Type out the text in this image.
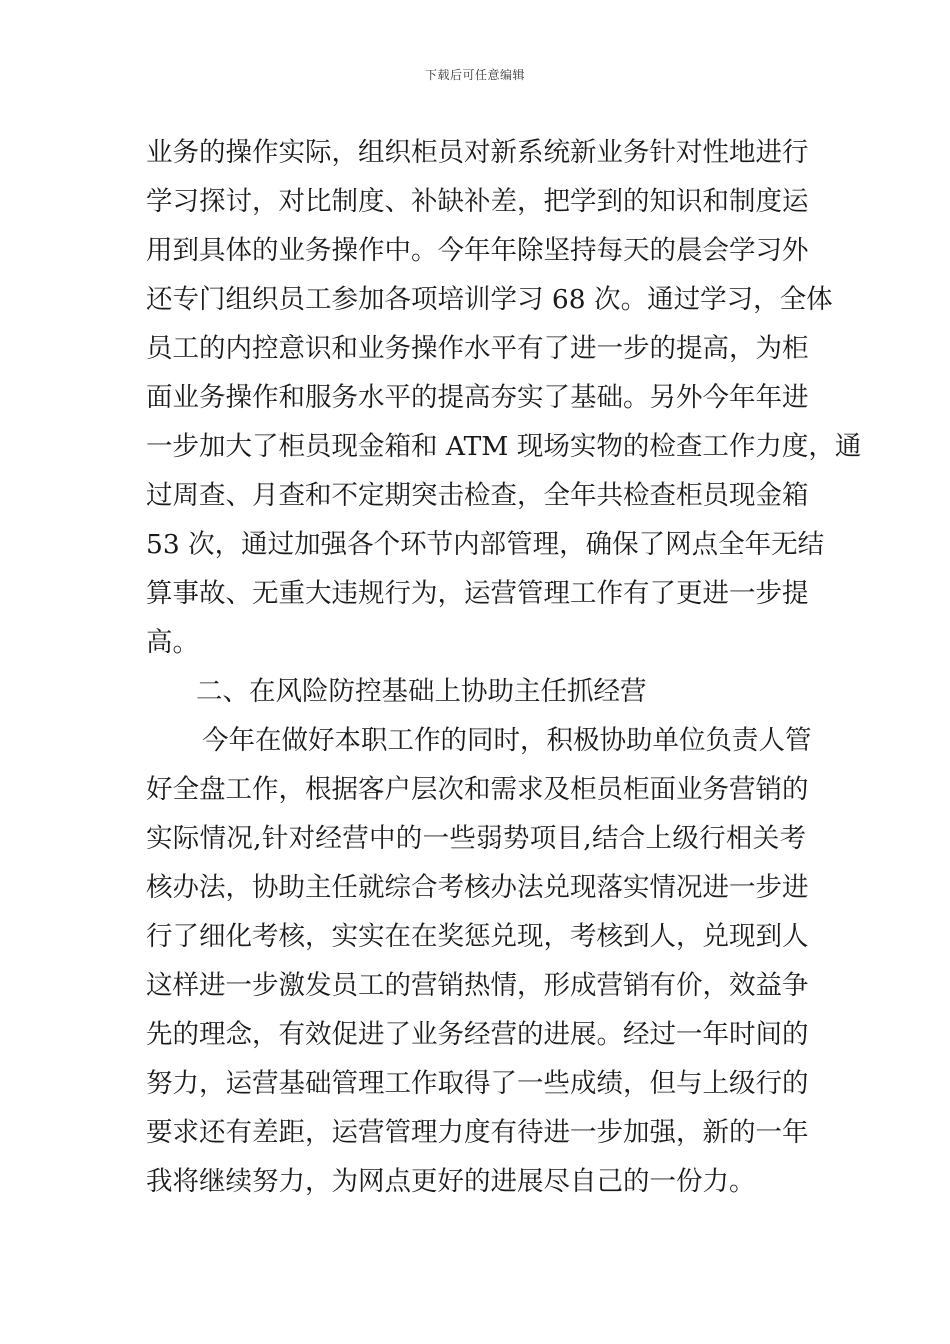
下载后可任意编辑
业务的操作实际，组织柜员对新系统新业务针对性地进行
学习探讨，对比制度、补缺补差，把学到的知识和制度运
用到具体的业务操作中。今年年除坚持每天的晨会学习外
还专门组织员工参加各项培训学习 68 次。通过学习，全体
员工的内控意识和业务操作水平有了进一步的提高，为柜
面业务操作和服务水平的提高夯实了基础。另外今年年进
一步加大了柜员现金箱和 ATM 现场实物的检查工作力度，通
过周查、月查和不定期突击检查，全年共检查柜员现金箱
53 次，通过加强各个环节内部管理，确保了网点全年无结
算事故、无重大违规行为，运营管理工作有了更进一步提
高。
二、在风险防控基础上协助主任抓经营
今年在做好本职工作的同时，积极协助单位负责人管
好全盘工作，根据客户层次和需求及柜员柜面业务营销的
实际情况,针对经营中的一些弱势项目,结合上级行相关考
核办法，协助主任就综合考核办法兑现落实情况进一步进
行了细化考核，实实在在奖惩兑现，考核到人，兑现到人
这样进一步激发员工的营销热情，形成营销有价，效益争
先的理念，有效促进了业务经营的进展。经过一年时间的
努力，运营基础管理工作取得了一些成绩，但与上级行的
要求还有差距，运营管理力度有待进一步加强，新的一年
我将继续努力，为网点更好的进展尽自己的一份力。
